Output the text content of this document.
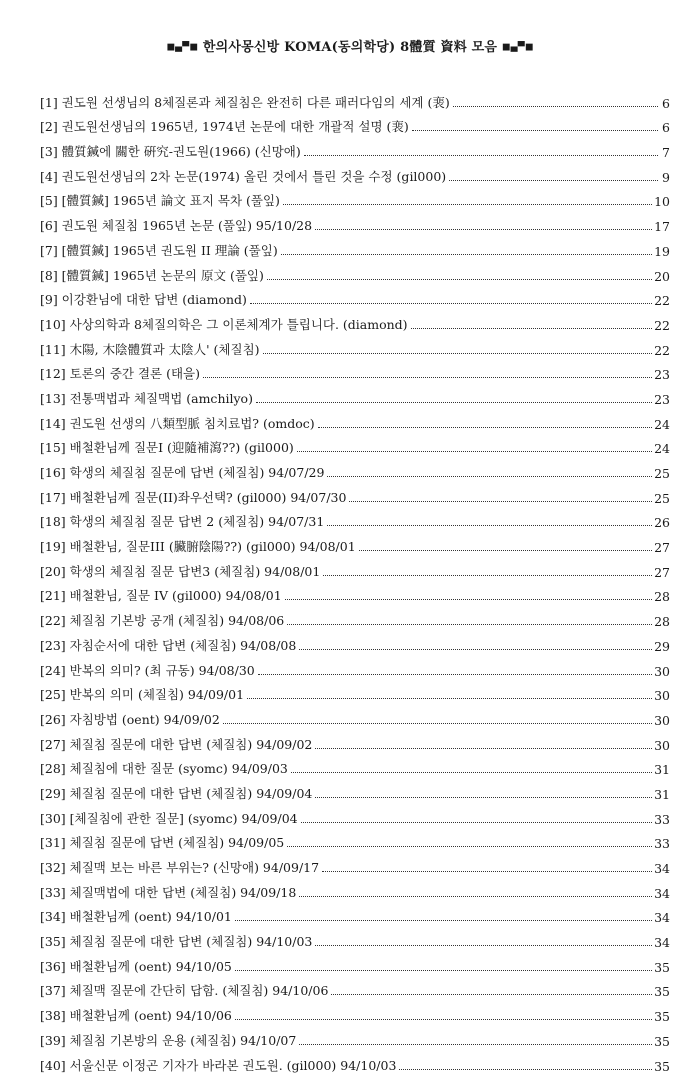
■▄▀■ 한의사몽신방 KOMA(동의학당) 8體質 資料 모음 ■▄▀■
[1] 권도원 선생님의 8체질론과 체질침은 완전히 다른 패러다임의 세계 (裵)	6
[2] 권도원선생님의 1965년, 1974년 논문에 대한 개괄적 설명 (裵)	6
[3] 體質鍼에 關한 硏究-권도원(1966) (신망애)	7
[4] 권도원선생님의 2차 논문(1974) 올린 것에서 틀린 것을 수정 (gil000)	9
[5] [體質鍼] 1965년 論文 표지 목차 (풀잎)	10
[6] 권도원 체질침 1965년 논문 (풀잎) 95/10/28	17
[7] [體質鍼] 1965년 권도원 II 理論 (풀잎)	19
[8] [體質鍼] 1965년 논문의 原文 (풀잎)	20
[9] 이강환님에 대한 답변 (diamond)	22
[10] 사상의학과 8체질의학은 그 이론체계가 틀립니다. (diamond)	22
[11] 木陽, 木陰體質과 太陰人' (체질침)	22
[12] 토론의 중간 결론 (태을)	23
[13] 전통맥법과 체질맥법 (amchilyo)	23
[14] 권도원 선생의 八類型脈 침치료법? (omdoc)	24
[15] 배철환님께 질문I (迎隨補瀉??) (gil000)	24
[16] 학생의 체질침 질문에 답변 (체질침) 94/07/29	25
[17] 배철환님께 질문(II)좌우선택? (gil000) 94/07/30	25
[18] 학생의 체질침 질문 답변 2 (체질침) 94/07/31	26
[19] 배철환님, 질문III (臟腑陰陽??) (gil000) 94/08/01	27
[20] 학생의 체질침 질문 답변3 (체질침) 94/08/01	27
[21] 배철환님, 질문 IV (gil000) 94/08/01	28
[22] 체질침 기본방 공개 (체질침) 94/08/06	28
[23] 자침순서에 대한 답변 (체질침) 94/08/08	29
[24] 반복의 의미? (최 규동) 94/08/30	30
[25] 반복의 의미 (체질침) 94/09/01	30
[26] 자침방법 (oent) 94/09/02	30
[27] 체질침 질문에 대한 답변 (체질침) 94/09/02	30
[28] 체질침에 대한 질문 (syomc) 94/09/03	31
[29] 체질침 질문에 대한 답변 (체질침) 94/09/04	31
[30] [체질침에 관한 질문] (syomc) 94/09/04	33
[31] 체질침 질문에 답변 (체질침) 94/09/05	33
[32] 체질맥 보는 바른 부위는? (신망애) 94/09/17	34
[33] 체질맥법에 대한 답변 (체질침) 94/09/18	34
[34] 배철환님께 (oent) 94/10/01	34
[35] 체질침 질문에 대한 답변 (체질침) 94/10/03	34
[36] 배철환님께 (oent) 94/10/05	35
[37] 체질맥 질문에 간단히 답함. (체질침) 94/10/06	35
[38] 배철환님께 (oent) 94/10/06	35
[39] 체질침 기본방의 운용 (체질침) 94/10/07	35
[40] 서울신문 이정곤 기자가 바라본 권도원. (gil000) 94/10/03	35
